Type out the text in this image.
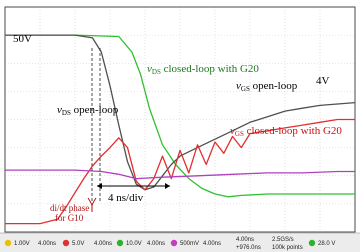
50V
4V
vDS closed-loop with G20
vGS open-loop
vDS open-loop
vGS closed-loop with G20
di/dt phase
for G10
4 ns/div
1.00V 4.00ns	5.0V 4.00ns 10.0V 4.00ns 500mV 4.00ns
4.00ns
+976.0ns
2.5GS/s
100k points
28.0 V
